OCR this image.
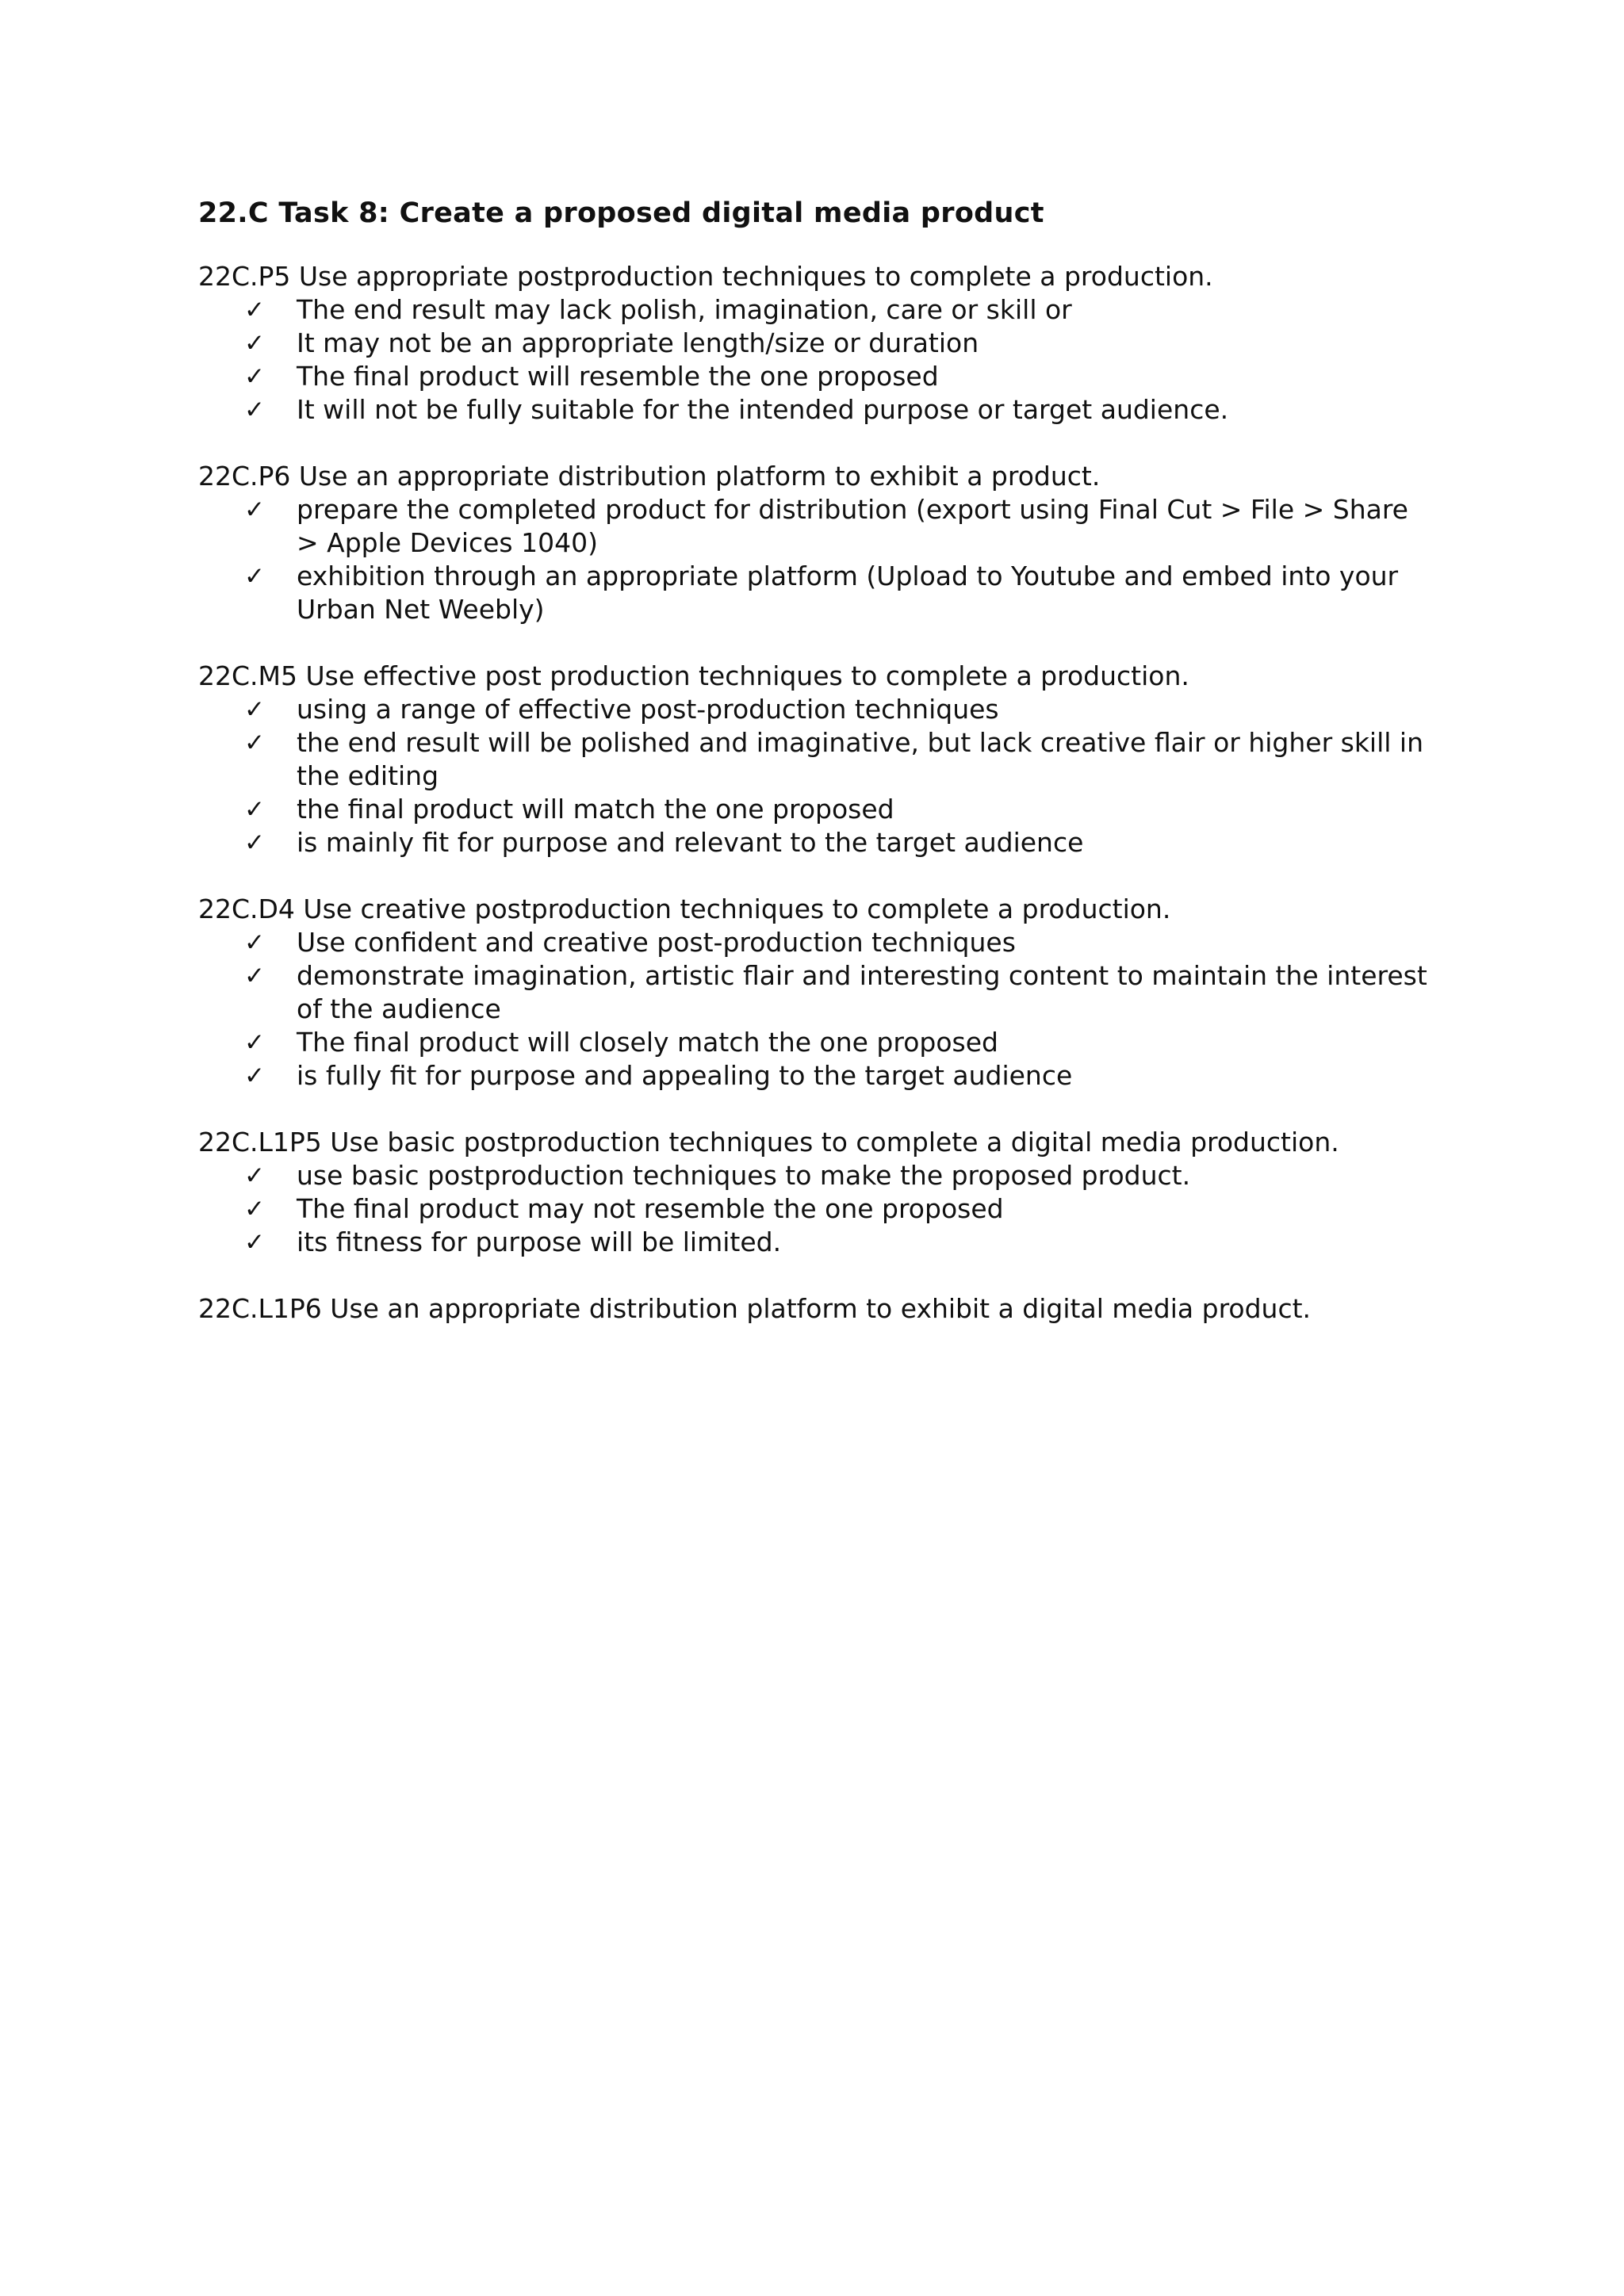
22.C Task 8: Create a proposed digital media product

22C.P5 Use appropriate postproduction techniques to complete a production.

✓ The end result may lack polish, imagination, care or skill or
✓ It may not be an appropriate length/size or duration
✓ The final product will resemble the one proposed
✓ It will not be fully suitable for the intended purpose or target audience.

22C.P6 Use an appropriate distribution platform to exhibit a product.

✓ prepare the completed product for distribution (export using Final Cut > File > Share > Apple Devices 1040)
✓ exhibition through an appropriate platform (Upload to Youtube and embed into your Urban Net Weebly)

22C.M5 Use effective post production techniques to complete a production.

✓ using a range of effective post-production techniques
✓ the end result will be polished and imaginative, but lack creative flair or higher skill in the editing
✓ the final product will match the one proposed
✓ is mainly fit for purpose and relevant to the target audience

22C.D4 Use creative postproduction techniques to complete a production.

✓ Use confident and creative post-production techniques
✓ demonstrate imagination, artistic flair and interesting content to maintain the interest of the audience
✓ The final product will closely match the one proposed
✓ is fully fit for purpose and appealing to the target audience

22C.L1P5 Use basic postproduction techniques to complete a digital media production.

✓ use basic postproduction techniques to make the proposed product.
✓ The final product may not resemble the one proposed
✓ its fitness for purpose will be limited.

22C.L1P6 Use an appropriate distribution platform to exhibit a digital media product.
